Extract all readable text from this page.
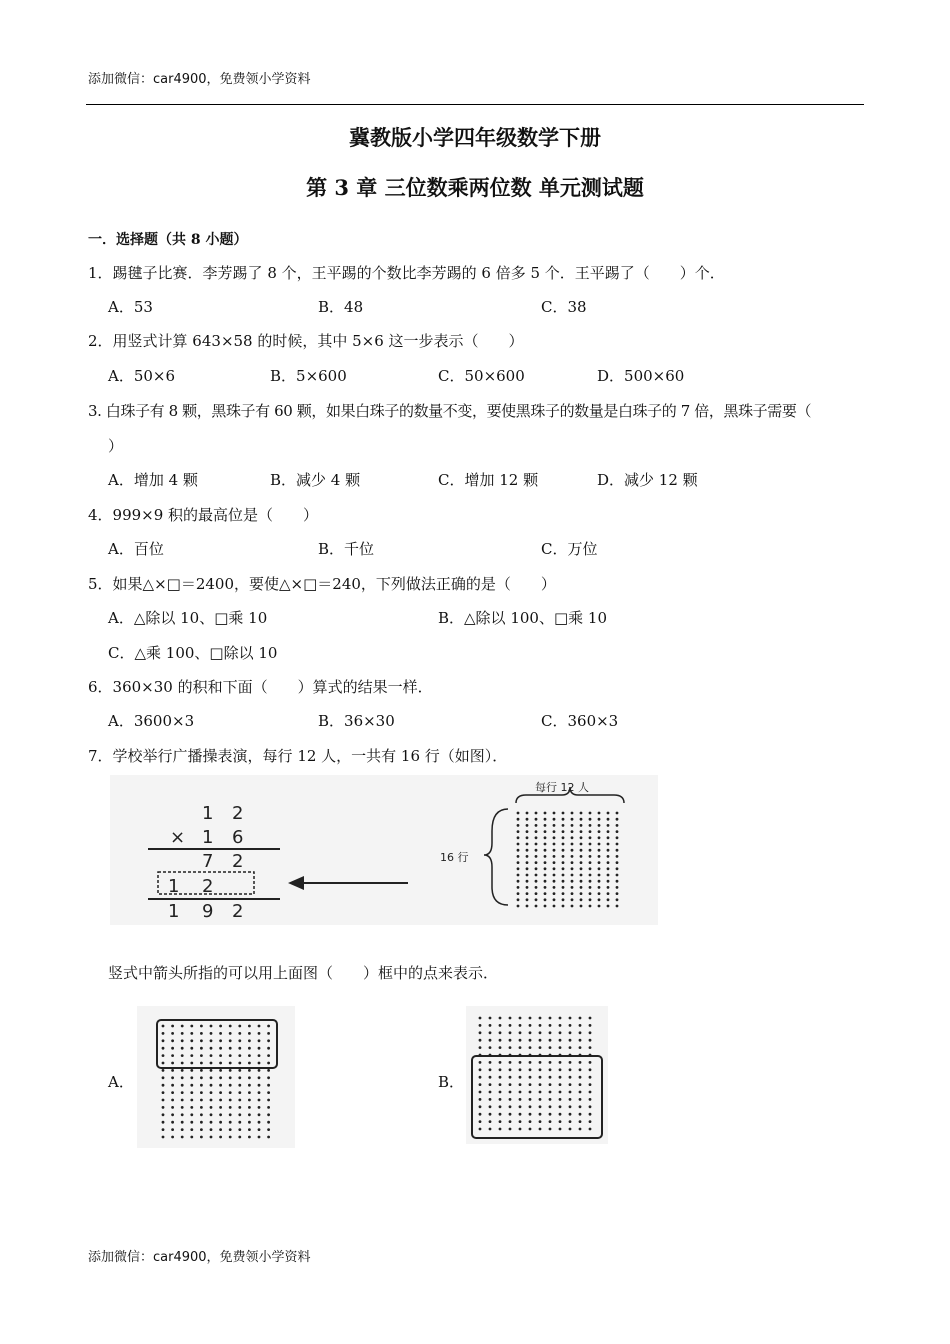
添加微信：car4900，免费领小学资料
冀教版小学四年级数学下册
第 3 章 三位数乘两位数 单元测试题
一．选择题（共 8 小题）
1．踢毽子比赛．李芳踢了 8 个，王平踢的个数比李芳踢的 6 倍多 5 个．王平踢了（　　）个．
A．53	B．48	C．38
2．用竖式计算 643×58 的时候，其中 5×6 这一步表示（　　）
A．50×6	B．5×600	C．50×600	D．500×60
3. 白珠子有 8 颗，黑珠子有 60 颗，如果白珠子的数量不变，要使黑珠子的数量是白珠子的 7 倍，黑珠子需要（
）
A．增加 4 颗	B．减少 4 颗	C．增加 12 颗	D．减少 12 颗
4．999×9 积的最高位是（　　）
A．百位	B．千位	C．万位
5．如果△×□＝2400，要使△×□＝240，下列做法正确的是（　　）
A．△除以 10、□乘 10	B．△除以 100、□乘 10
C．△乘 100、□除以 10
6．360×30 的积和下面（　　）算式的结果一样．
A．3600×3	B．36×30	C．360×3
7．学校举行广播操表演，每行 12 人，一共有 16 行（如图）．
1 2
× 1 6
7 2
1 2
1 9 2
16 行
每行 12 人
竖式中箭头所指的可以用上面图（　　）框中的点来表示．
A．	B．
添加微信：car4900，免费领小学资料
